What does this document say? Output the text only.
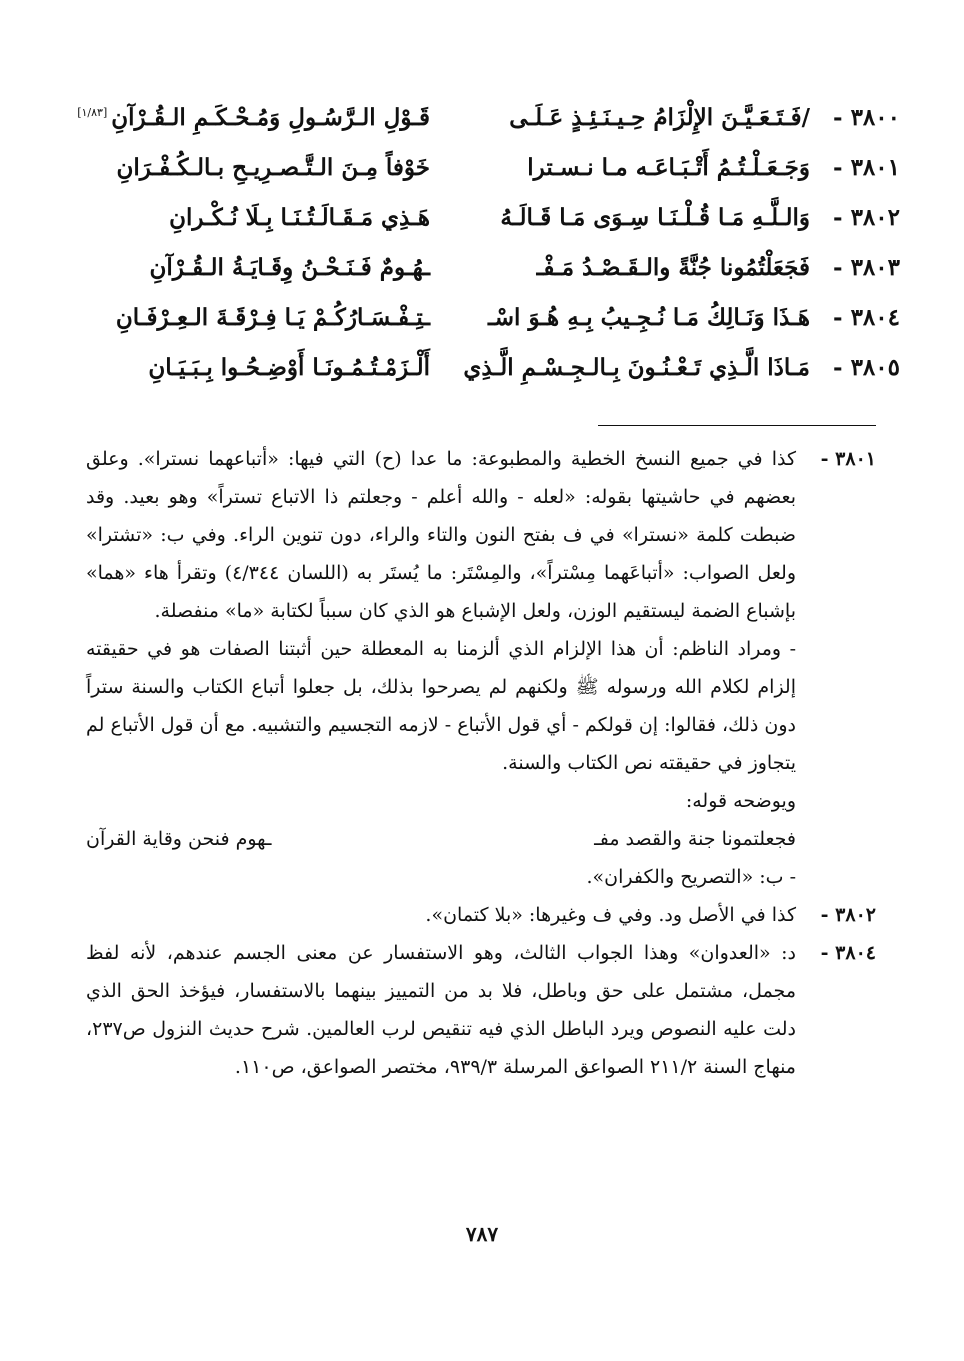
٣٨٠٠ -
/فَـتَـعَـيَّـنَ الإِلْزَامُ حِـيـنَـئِـذٍ عَـلَـى
قَـوْلِ الـرَّسُـولِ وَمُـحْـكَـمِ الـقُـرْآنِ[١/٨٣]
٣٨٠١ -
وَجَـعَـلْـتُـمُ أَتْـبَـاعَـه مـا نـسـترا
خَوْفاً مِـنَ الـتَّـصـرِيـحِ بـالـكُـفْـرَانِ
٣٨٠٢ -
وَالـلَّـهِ مَـا قُـلْـنَـا سِـوَى مَـا قَـالَـهُ
هَـذِي مَـقَـالَـتُـنَـا بِـلَا نُـكْـرانِ
٣٨٠٣ -
فَجَعَلْتُمُونا جُنَّةً والـقَـصْـدُ مَـفْـ
ـهُـومٌ فَـنَـحْـنُ وِقَـايَـةُ الـقُـرْآنِ
٣٨٠٤ -
هَـذَا وَنَـالِكُ مَـا نُـجِـيبُ بِـهِ هُـوَ اسْـ
ـتِـفْـسَـارُكُـمْ يَـا فِـرْقَـةَ الـعِـرْفَـانِ
٣٨٠٥ -
مَـاذَا الَّـذِي تَـعْـنُـونَ بِـالـجِـسْـمِ الَّـذِي
أَلْـزَمْـتُـمُـونَـا أَوْضِـحُـوا بِـبَـيَـانِ
٣٨٠١ -

كذا في جميع النسخ الخطية والمطبوعة: ما عدا (ح) التي فيها: «أتباعهما نسترا». وعلق بعضهم في حاشيتها بقوله: «لعله - والله أعلم - وجعلتم ذا الاتباع تستراً» وهو بعيد. وقد ضبطت كلمة «نسترا» في ف بفتح النون والتاء والراء، دون تنوين الراء. وفي ب: «تشترا» ولعل الصواب: «أتباعَهما مِسْتراً»، والمِسْتَر: ما يُستَر به (اللسان ٤/٣٤٤) وتقرأ هاء «هما» بإشباع الضمة ليستقيم الوزن، ولعل الإشباع هو الذي كان سبباً لكتابة «ما» منفصلة.

- ومراد الناظم: أن هذا الإلزام الذي ألزمنا به المعطلة حين أثبتنا الصفات هو في حقيقته إلزام لكلام الله ورسوله ﷺ ولكنهم لم يصرحوا بذلك، بل جعلوا أتباع الكتاب والسنة ستراً دون ذلك، فقالوا: إن قولكم - أي قول الأتباع - لازمه التجسيم والتشبيه. مع أن قول الأتباع لم يتجاوز في حقيقته نص الكتاب والسنة.

ويوضحه قوله:

فجعلتمونا جنة والقصد مفـ
ـهوم فنحن وقاية القرآن

- ب: «التصريح والكفران».

٣٨٠٢ -

كذا في الأصل ود. وفي ف وغيرها: «بلا كتمان».

٣٨٠٤ -

د: «العدوان» وهذا الجواب الثالث، وهو الاستفسار عن معنى الجسم عندهم، لأنه لفظ مجمل، مشتمل على حق وباطل، فلا بد من التمييز بينهما بالاستفسار، فيؤخذ الحق الذي دلت عليه النصوص ويرد الباطل الذي فيه تنقيص لرب العالمين. شرح حديث النزول ص٢٣٧، منهاج السنة ٢١١/٢ الصواعق المرسلة ٩٣٩/٣، مختصر الصواعق، ص١١٠.

٧٨٧
